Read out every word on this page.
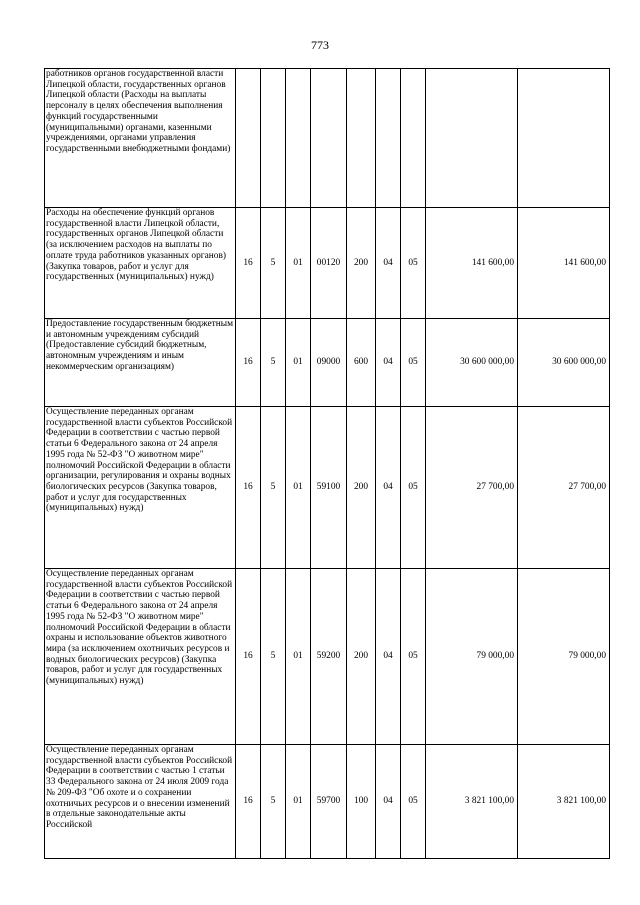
773
работников органов государственной власти Липецкой области, государственных органов Липецкой области (Расходы на выплаты персоналу в целях обеспечения выполнения функций государственными (муниципальными) органами, казенными учреждениями, органами управления государственными внебюджетными фондами)									
Расходы на обеспечение функций органов государственной власти Липецкой области, государственных органов Липецкой области (за исключением расходов на выплаты по оплате труда работников указанных органов) (Закупка товаров, работ и услуг для государственных (муниципальных) нужд)	16	5	01	00120	200	04	05	141 600,00	141 600,00
Предоставление государственным бюджетным и автономным учреждениям субсидий (Предоставление субсидий бюджетным, автономным учреждениям и иным некоммерческим организациям)	16	5	01	09000	600	04	05	30 600 000,00	30 600 000,00
Осуществление переданных органам государственной власти субъектов Российской Федерации в соответствии с частью первой статьи 6 Федерального закона от 24 апреля 1995 года № 52-ФЗ "О животном мире" полномочий Российской Федерации в области организации, регулирования и охраны водных биологических ресурсов (Закупка товаров, работ и услуг для государственных (муниципальных) нужд)	16	5	01	59100	200	04	05	27 700,00	27 700,00
Осуществление переданных органам государственной власти субъектов Российской Федерации в соответствии с частью первой статьи 6 Федерального закона от 24 апреля 1995 года № 52-ФЗ "О животном мире" полномочий Российской Федерации в области охраны и использование объектов животного мира (за исключением охотничьих ресурсов и водных биологических ресурсов) (Закупка товаров, работ и услуг для государственных (муниципальных) нужд)	16	5	01	59200	200	04	05	79 000,00	79 000,00
Осуществление переданных органам государственной власти субъектов Российской Федерации в соответствии с частью 1 статьи 33 Федерального закона от 24 июля 2009 года № 209-ФЗ "Об охоте и о сохранении охотничьих ресурсов и о внесении изменений в отдельные законодательные акты Российской	16	5	01	59700	100	04	05	3 821 100,00	3 821 100,00
